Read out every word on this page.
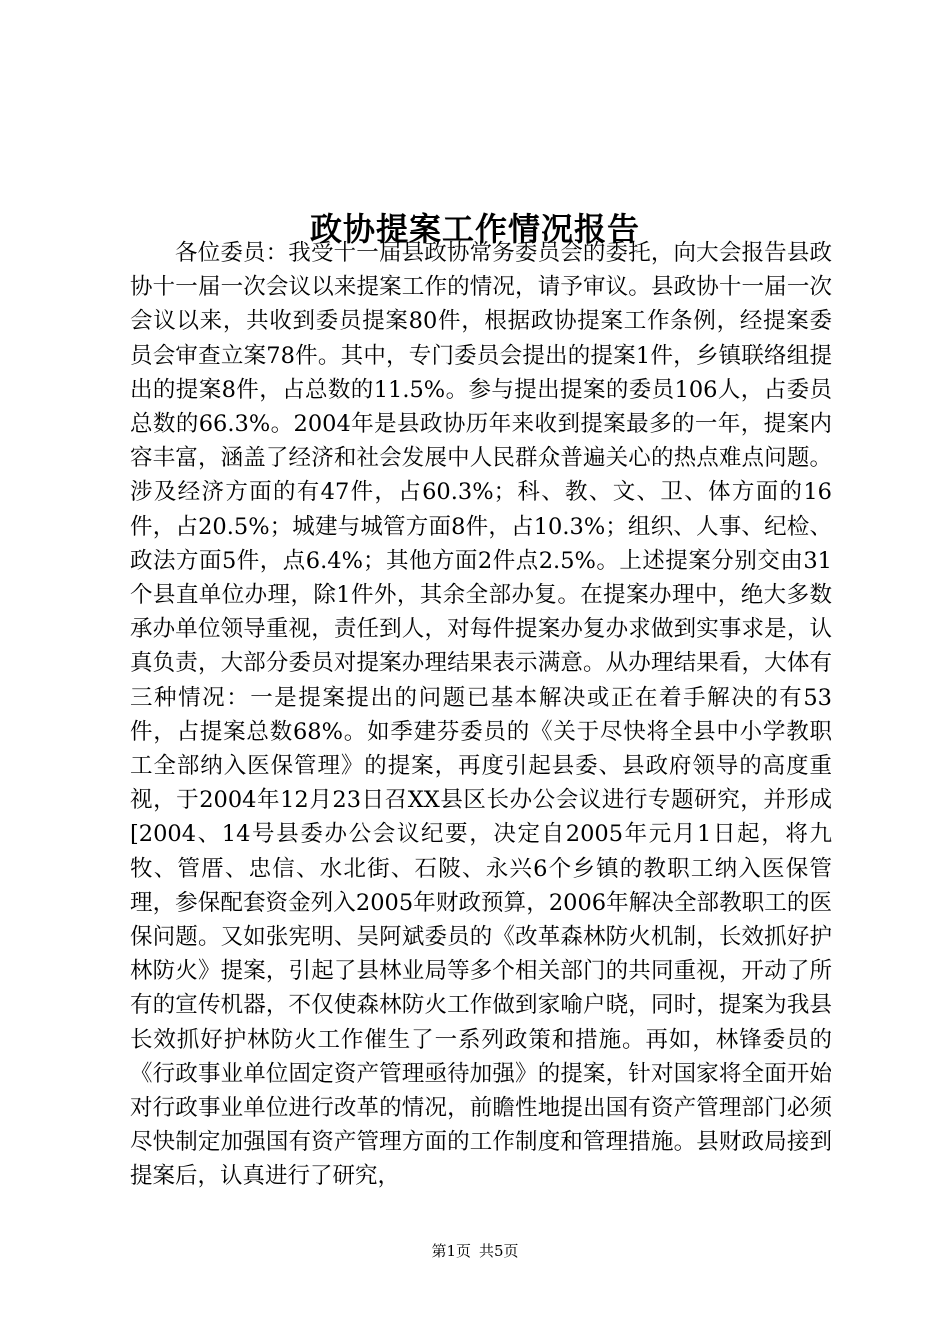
政协提案工作情况报告

各位委员：我受十一届县政协常务委员会的委托，向大会报告县政协十一届一次会议以来提案工作的情况，请予审议。县政协十一届一次会议以来，共收到委员提案80件，根据政协提案工作条例，经提案委员会审查立案78件。其中，专门委员会提出的提案1件，乡镇联络组提出的提案8件，占总数的11.5%。参与提出提案的委员106人，占委员总数的66.3%。2004年是县政协历年来收到提案最多的一年，提案内容丰富，涵盖了经济和社会发展中人民群众普遍关心的热点难点问题。涉及经济方面的有47件，占60.3%；科、教、文、卫、体方面的16件，占20.5%；城建与城管方面8件，占10.3%；组织、人事、纪检、政法方面5件，点6.4%；其他方面2件点2.5%。上述提案分别交由31个县直单位办理，除1件外，其余全部办复。在提案办理中，绝大多数承办单位领导重视，责任到人，对每件提案办复办求做到实事求是，认真负责，大部分委员对提案办理结果表示满意。从办理结果看，大体有三种情况：一是提案提出的问题已基本解决或正在着手解决的有53件，占提案总数68%。如季建芬委员的《关于尽快将全县中小学教职工全部纳入医保管理》的提案，再度引起县委、县政府领导的高度重视，于2004年12月23日召XX县区长办公会议进行专题研究，并形成[2004、14号县委办公会议纪要，决定自2005年元月1日起，将九牧、管厝、忠信、水北街、石陂、永兴6个乡镇的教职工纳入医保管理，参保配套资金列入2005年财政预算，2006年解决全部教职工的医保问题。又如张宪明、吴阿斌委员的《改革森林防火机制，长效抓好护林防火》提案，引起了县林业局等多个相关部门的共同重视，开动了所有的宣传机器，不仅使森林防火工作做到家喻户晓，同时，提案为我县长效抓好护林防火工作催生了一系列政策和措施。再如，林锋委员的《行政事业单位固定资产管理亟待加强》的提案，针对国家将全面开始对行政事业单位进行改革的情况，前瞻性地提出国有资产管理部门必须尽快制定加强国有资产管理方面的工作制度和管理措施。县财政局接到提案后，认真进行了研究，

第1页 共5页
